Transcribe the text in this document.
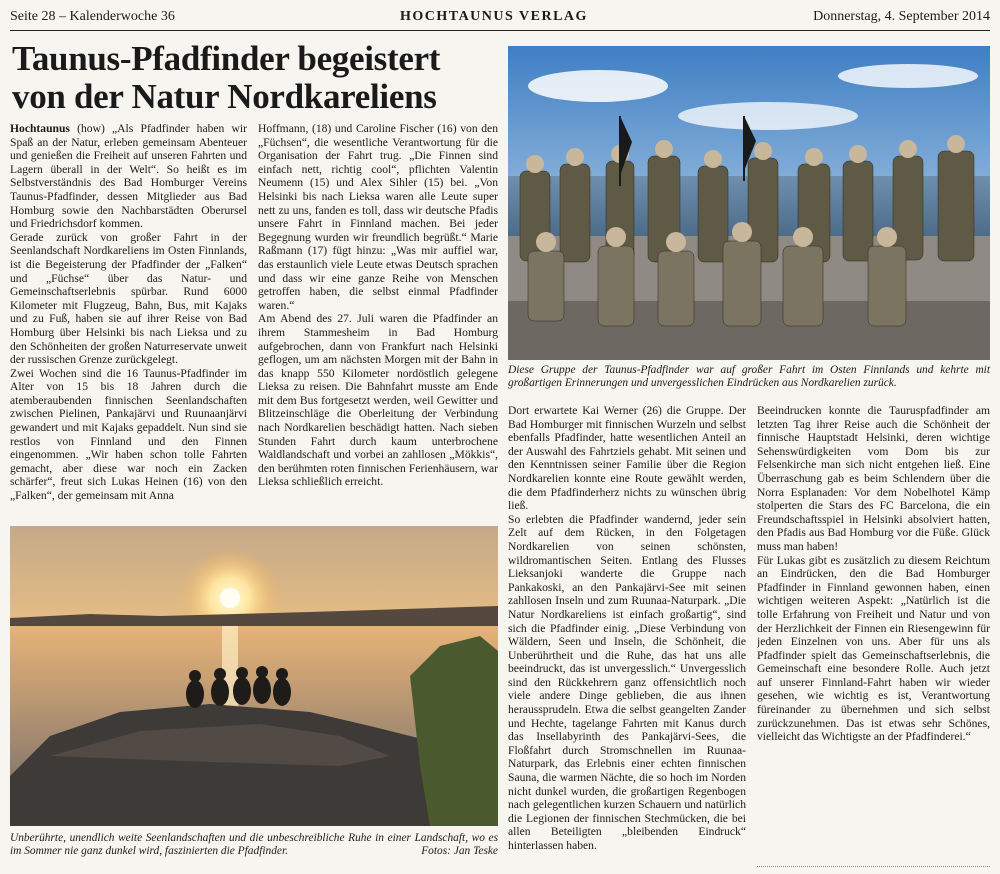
Seite 28 – Kalenderwoche 36	HOCHTAUNUS VERLAG	Donnerstag, 4. September 2014
Taunus-Pfadfinder begeistert
von der Natur Nordkareliens

Hochtaunus (how) „Als Pfadfinder haben wir Spaß an der Natur, erleben gemeinsam Abenteuer und genießen die Freiheit auf unseren Fahrten und Lagern überall in der Welt“. So heißt es im Selbstverständnis des Bad Homburger Vereins Taunus-Pfadfinder, dessen Mitglieder aus Bad Homburg sowie den Nachbarstädten Oberursel und Friedrichsdorf kommen.

Gerade zurück von großer Fahrt in der Seenlandschaft Nordkareliens im Osten Finnlands, ist die Begeisterung der Pfadfinder der „Falken“ und „Füchse“ über das Natur- und Gemeinschaftserlebnis spürbar. Rund 6000 Kilometer mit Flugzeug, Bahn, Bus, mit Kajaks und zu Fuß, haben sie auf ihrer Reise von Bad Homburg über Helsinki bis nach Lieksa und zu den Schönheiten der großen Naturreservate unweit der russischen Grenze zurückgelegt.

Zwei Wochen sind die 16 Taunus-Pfadfinder im Alter von 15 bis 18 Jahren durch die atemberaubenden finnischen Seenlandschaften zwischen Pielinen, Pankajärvi und Ruunaanjärvi gewandert und mit Kajaks gepaddelt. Nun sind sie restlos von Finnland und den Finnen eingenommen. „Wir haben schon tolle Fahrten gemacht, aber diese war noch ein Zacken schärfer“, freut sich Lukas Heinen (16) von den „Falken“, der gemeinsam mit Anna

Hoffmann, (18) und Caroline Fischer (16) von den „Füchsen“, die wesentliche Verantwortung für die Organisation der Fahrt trug. „Die Finnen sind einfach nett, richtig cool“, pflichten Valentin Neumenn (15) und Alex Sihler (15) bei. „Von Helsinki bis nach Lieksa waren alle Leute super nett zu uns, fanden es toll, dass wir deutsche Pfadis unsere Fahrt in Finnland machen. Bei jeder Begegnung wurden wir freundlich begrüßt.“ Marie Raßmann (17) fügt hinzu: „Was mir auffiel war, das erstaunlich viele Leute etwas Deutsch sprachen und dass wir eine ganze Reihe von Menschen getroffen haben, die selbst einmal Pfadfinder waren.“

Am Abend des 27. Juli waren die Pfadfinder an ihrem Stammesheim in Bad Homburg aufgebrochen, dann von Frankfurt nach Helsinki geflogen, um am nächsten Morgen mit der Bahn in das knapp 550 Kilometer nordöstlich gelegene Lieksa zu reisen. Die Bahnfahrt musste am Ende mit dem Bus fortgesetzt werden, weil Gewitter und Blitzeinschläge die Oberleitung der Verbindung nach Nordkarelien beschädigt hatten. Nach sieben Stunden Fahrt durch kaum unterbrochene Waldlandschaft und vorbei an zahllosen „Mökkis“, den berühmten roten finnischen Ferienhäusern, war Lieksa schließlich erreicht.

Diese Gruppe der Taunus-Pfadfinder war auf großer Fahrt im Osten Finnlands und kehrte mit großartigen Erinnerungen und unvergesslichen Eindrücken aus Nordkarelien zurück.

Dort erwartete Kai Werner (26) die Gruppe. Der Bad Homburger mit finnischen Wurzeln und selbst ebenfalls Pfadfinder, hatte wesentlichen Anteil an der Auswahl des Fahrtziels gehabt. Mit seinen und den Kenntnissen seiner Familie über die Region Nordkarelien konnte eine Route gewählt werden, die dem Pfadfinderherz nichts zu wünschen übrig ließ.

So erlebten die Pfadfinder wandernd, jeder sein Zelt auf dem Rücken, in den Folgetagen Nordkarelien von seinen schönsten, wildromantischen Seiten. Entlang des Flusses Lieksanjoki wanderte die Gruppe nach Pankakoski, an den Pankajärvi-See mit seinen zahllosen Inseln und zum Ruunaa-Naturpark. „Die Natur Nordkareliens ist einfach großartig“, sind sich die Pfadfinder einig. „Diese Verbindung von Wäldern, Seen und Inseln, die Schönheit, die Unberührtheit und die Ruhe, das hat uns alle beeindruckt, das ist unvergesslich.“ Unvergesslich sind den Rückkehrern ganz offensichtlich noch viele andere Dinge geblieben, die aus ihnen heraussprudeln. Etwa die selbst geangelten Zander und Hechte, tagelange Fahrten mit Kanus durch das Insellabyrinth des Pankajärvi-Sees, die Floßfahrt durch Stromschnellen im Ruunaa-Naturpark, das Erlebnis einer echten finnischen Sauna, die warmen Nächte, die so hoch im Norden nicht dunkel wurden, die großartigen Regenbogen nach gelegentlichen kurzen Schauern und natürlich die Legionen der finnischen Stechmücken, die bei allen Beteiligten „bleibenden Eindruck“ hinterlassen haben.

Beeindrucken konnte die Tauruspfadfinder am letzten Tag ihrer Reise auch die Schönheit der finnische Hauptstadt Helsinki, deren wichtige Sehenswürdigkeiten vom Dom bis zur Felsenkirche man sich nicht entgehen ließ. Eine Überraschung gab es beim Schlendern über die Norra Esplanaden: Vor dem Nobelhotel Kämp stolperten die Stars des FC Barcelona, die ein Freundschaftsspiel in Helsinki absolviert hatten, den Pfadis aus Bad Homburg vor die Füße. Glück muss man haben!

Für Lukas gibt es zusätzlich zu diesem Reichtum an Eindrücken, den die Bad Homburger Pfadfinder in Finnland gewonnen haben, einen wichtigen weiteren Aspekt: „Natürlich ist die tolle Erfahrung von Freiheit und Natur und von der Herzlichkeit der Finnen ein Riesengewinn für jeden Einzelnen von uns. Aber für uns als Pfadfinder spielt das Gemeinschaftserlebnis, die Gemeinschaft eine besondere Rolle. Auch jetzt auf unserer Finnland-Fahrt haben wir wieder gesehen, wie wichtig es ist, Verantwortung füreinander zu übernehmen und sich selbst zurückzunehmen. Das ist etwas sehr Schönes, vielleicht das Wichtigste an der Pfadfinderei.“

Unberührte, unendlich weite Seenlandschaften und die unbeschreibliche Ruhe in einer Landschaft, wo es im Sommer nie ganz dunkel wird, faszinierten die Pfadfinder.	Fotos: Jan Teske
